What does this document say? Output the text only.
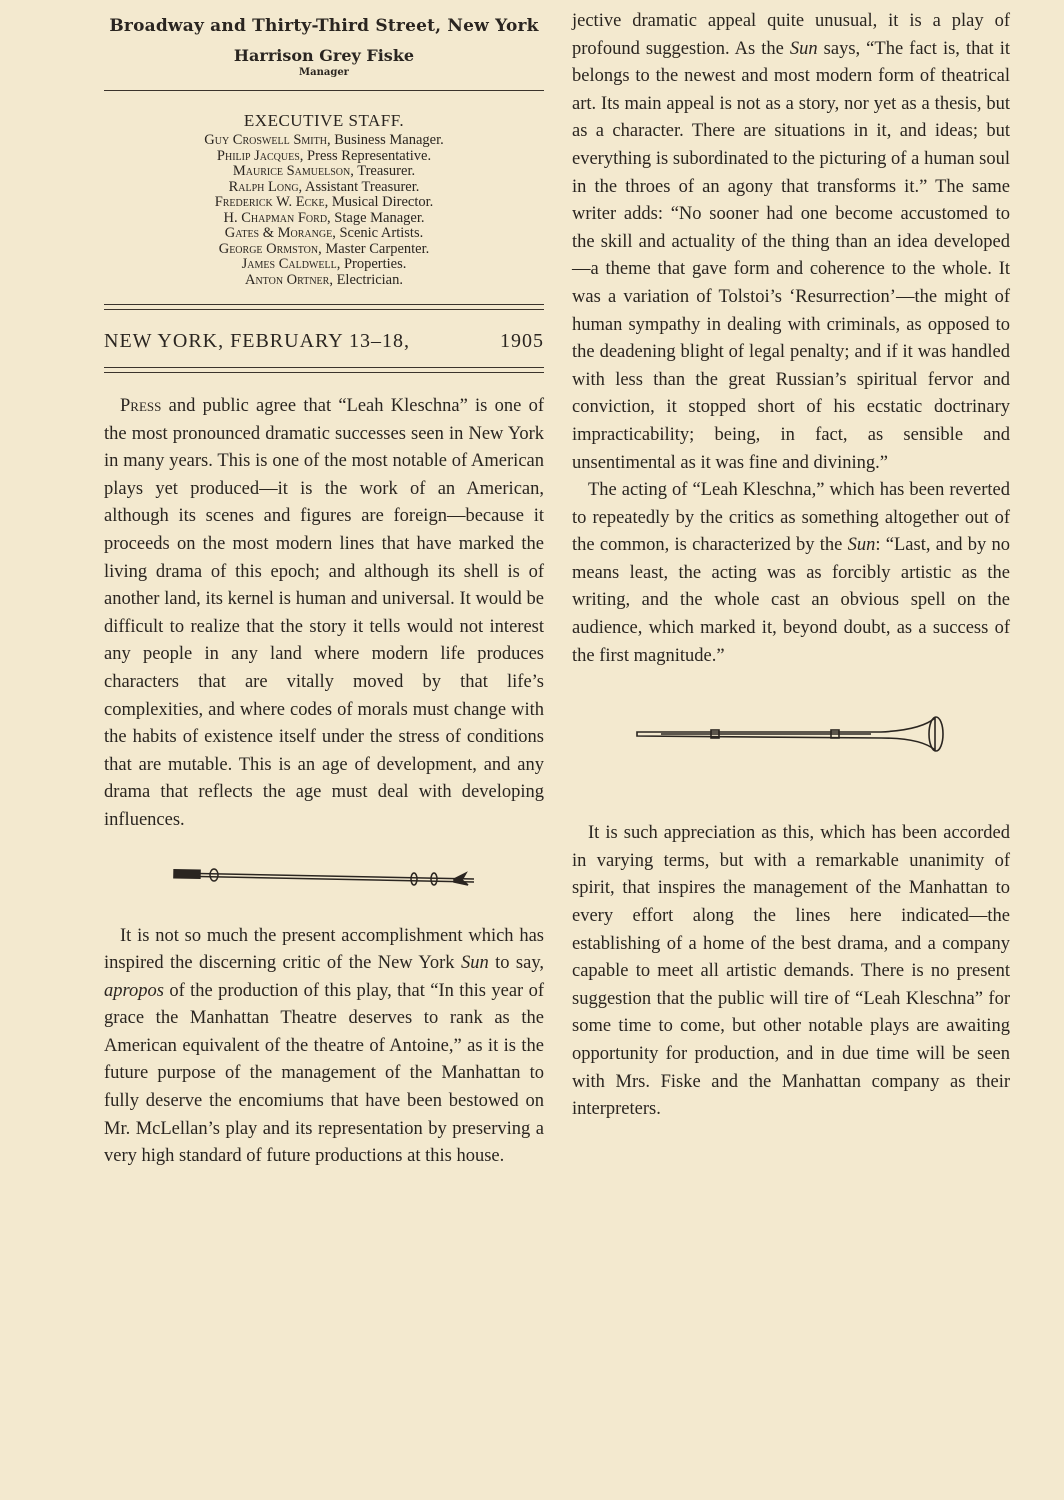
Broadway and Thirty-Third Street, New York
Harrison Grey Fiske
Manager
EXECUTIVE STAFF.
Guy Croswell Smith, Business Manager.
Philip Jacques, Press Representative.
Maurice Samuelson, Treasurer.
Ralph Long, Assistant Treasurer.
Frederick W. Ecke, Musical Director.
H. Chapman Ford, Stage Manager.
Gates & Morange, Scenic Artists.
George Ormston, Master Carpenter.
James Caldwell, Properties.
Anton Ortner, Electrician.
NEW YORK, FEBRUARY 13–18,	1905

Press and public agree that “Leah Kleschna” is one of the most pronounced dramatic successes seen in New York in many years. This is one of the most notable of American plays yet produced—it is the work of an American, although its scenes and figures are foreign—because it proceeds on the most modern lines that have marked the living drama of this epoch; and although its shell is of another land, its kernel is human and universal. It would be difficult to realize that the story it tells would not interest any people in any land where modern life produces characters that are vitally moved by that life’s complexities, and where codes of morals must change with the habits of existence itself under the stress of conditions that are mutable. This is an age of development, and any drama that reflects the age must deal with developing influences.

It is not so much the present accomplishment which has inspired the discerning critic of the New York Sun to say, apropos of the production of this play, that “In this year of grace the Manhattan Theatre deserves to rank as the American equivalent of the theatre of Antoine,” as it is the future purpose of the management of the Manhattan to fully deserve the encomiums that have been bestowed on Mr. McLellan’s play and its representation by preserving a very high standard of future productions at this house.

jective dramatic appeal quite unusual, it is a play of profound suggestion. As the Sun says, “The fact is, that it belongs to the newest and most modern form of theatrical art. Its main appeal is not as a story, nor yet as a thesis, but as a character. There are situations in it, and ideas; but everything is subordinated to the picturing of a human soul in the throes of an agony that transforms it.” The same writer adds: “No sooner had one become accustomed to the skill and actuality of the thing than an idea developed—a theme that gave form and coherence to the whole. It was a variation of Tolstoi’s ‘Resurrection’—the might of human sympathy in dealing with criminals, as opposed to the deadening blight of legal penalty; and if it was handled with less than the great Russian’s spiritual fervor and conviction, it stopped short of his ecstatic doctrinary impracticability; being, in fact, as sensible and unsentimental as it was fine and divining.”

The acting of “Leah Kleschna,” which has been reverted to repeatedly by the critics as something altogether out of the common, is characterized by the Sun: “Last, and by no means least, the acting was as forcibly artistic as the writing, and the whole cast an obvious spell on the audience, which marked it, beyond doubt, as a success of the first magnitude.”

It is such appreciation as this, which has been accorded in varying terms, but with a remarkable unanimity of spirit, that inspires the management of the Manhattan to every effort along the lines here indicated—the establishing of a home of the best drama, and a company capable to meet all artistic demands. There is no present suggestion that the public will tire of “Leah Kleschna” for some time to come, but other notable plays are awaiting opportunity for production, and in due time will be seen with Mrs. Fiske and the Manhattan company as their interpreters.
